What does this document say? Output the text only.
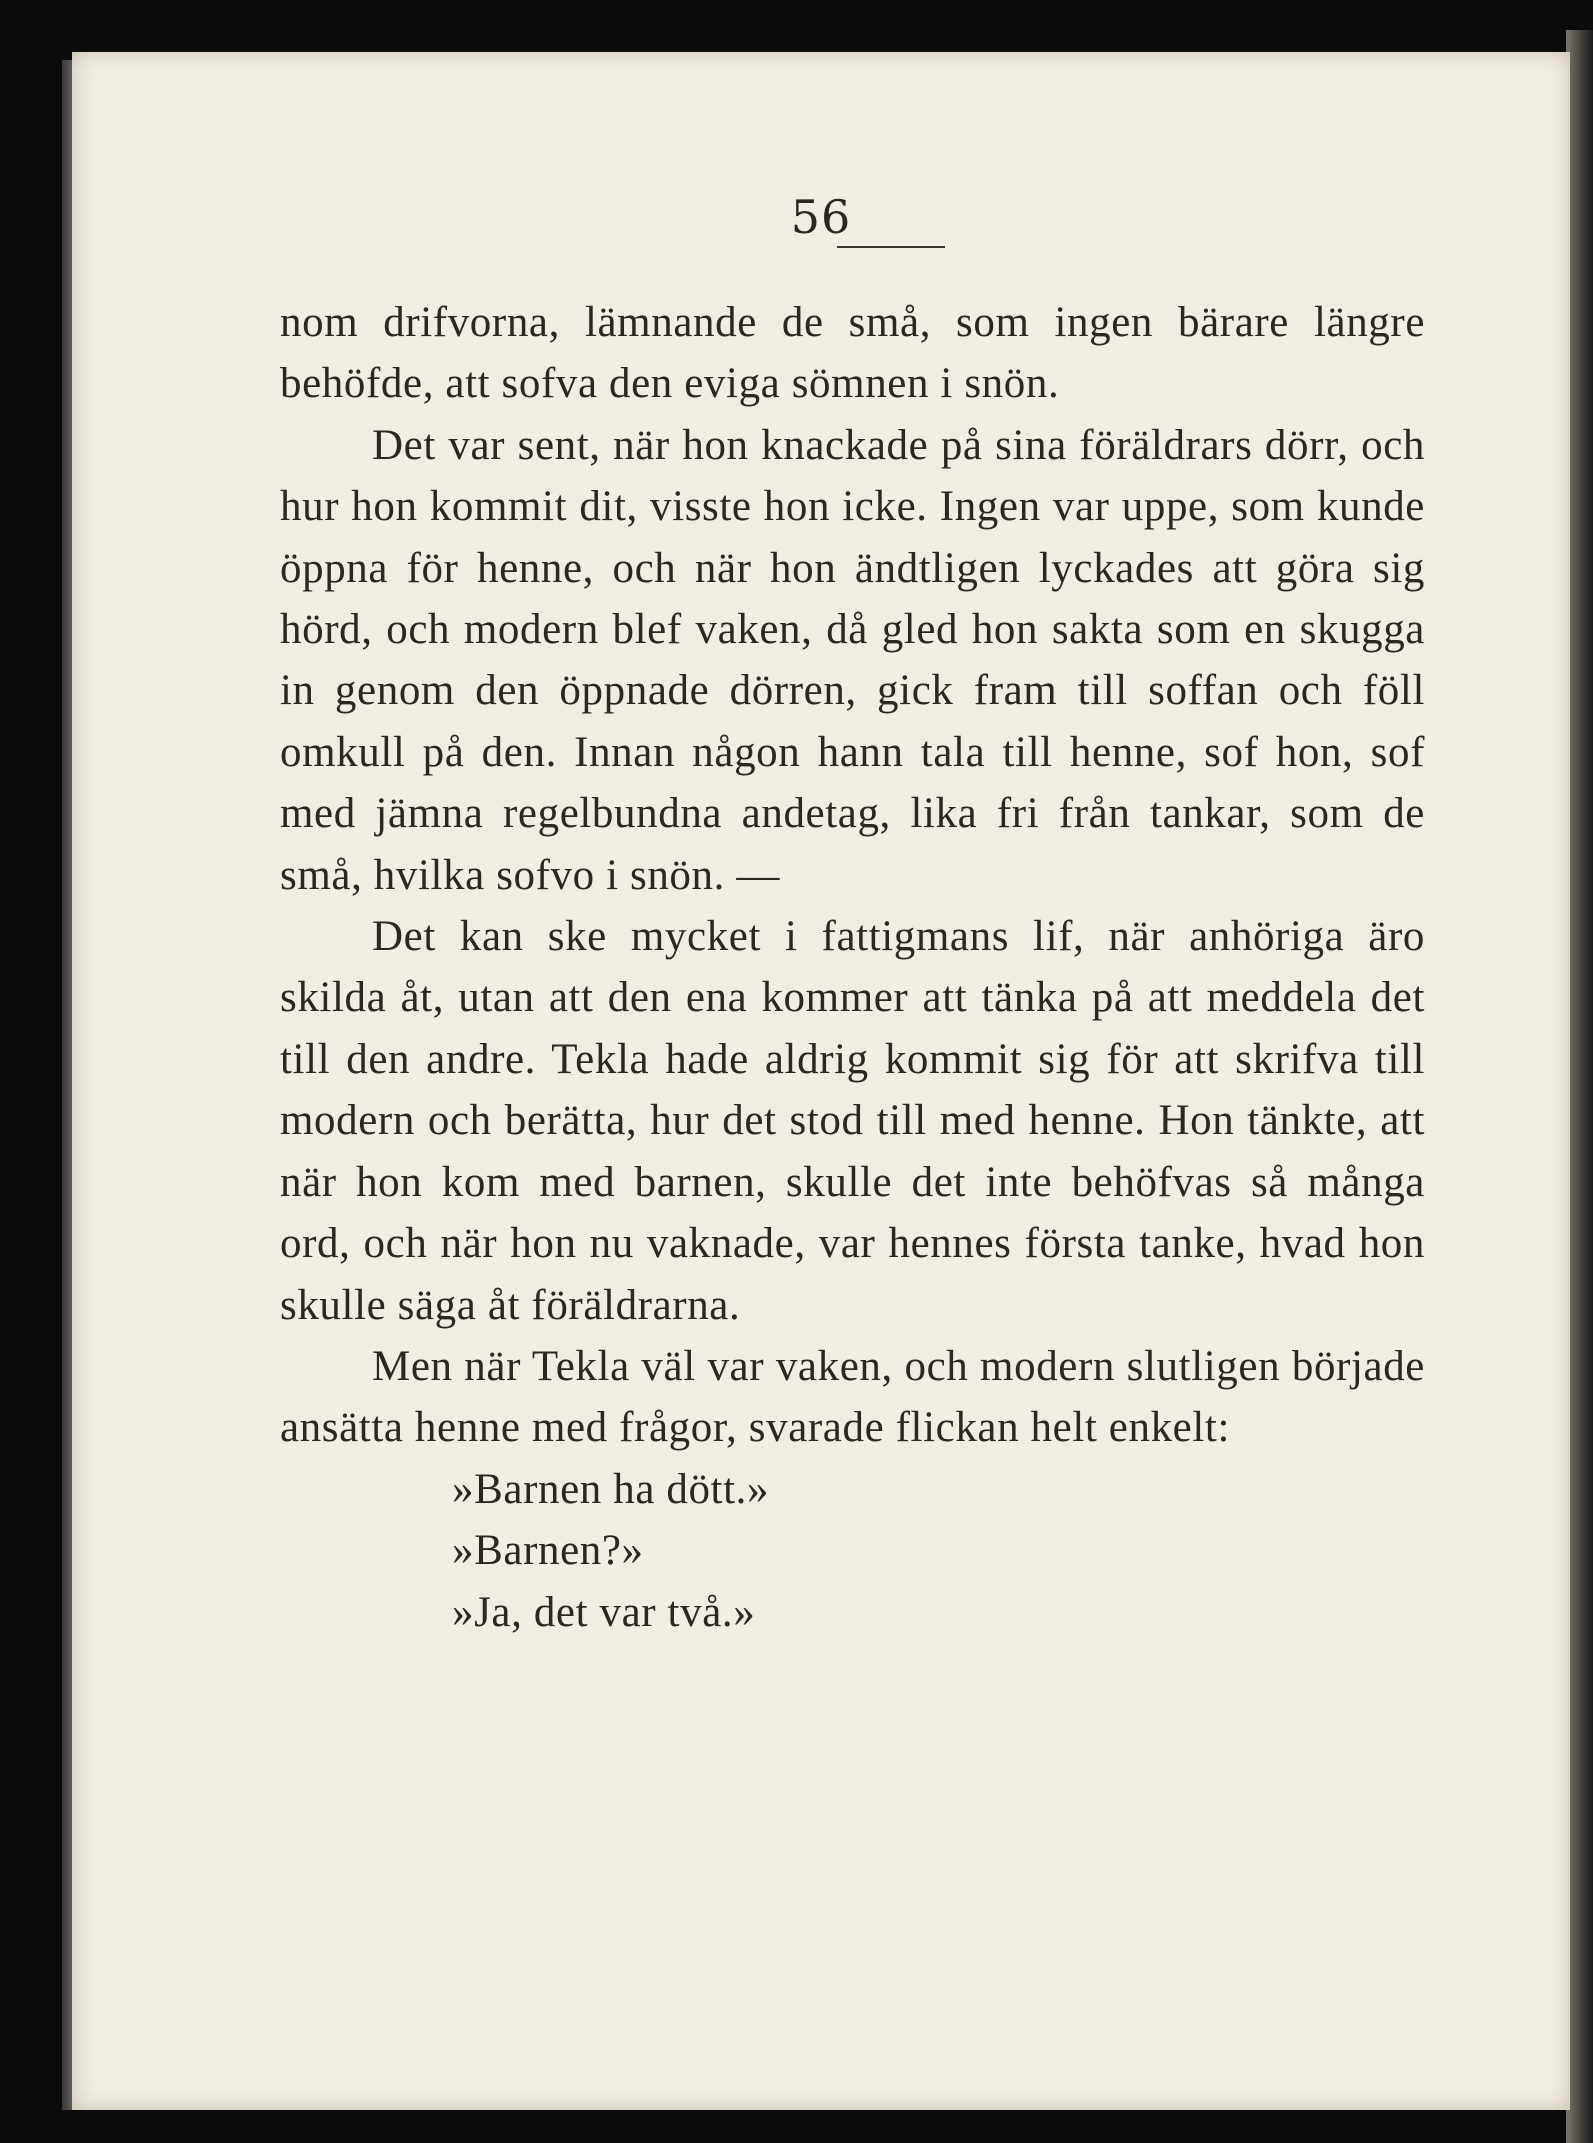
56

nom drifvorna, lämnande de små, som ingen bärare längre behöfde, att sofva den eviga sömnen i snön.

Det var sent, när hon knackade på sina föräldrars dörr, och hur hon kommit dit, visste hon icke. Ingen var uppe, som kunde öppna för henne, och när hon ändtligen lyckades att göra sig hörd, och modern blef vaken, då gled hon sakta som en skugga in genom den öppnade dörren, gick fram till soffan och föll omkull på den. Innan någon hann tala till henne, sof hon, sof med jämna regelbundna andetag, lika fri från tankar, som de små, hvilka sofvo i snön. —

Det kan ske mycket i fattigmans lif, när anhöriga äro skilda åt, utan att den ena kommer att tänka på att meddela det till den andre. Tekla hade aldrig kommit sig för att skrifva till modern och berätta, hur det stod till med henne. Hon tänkte, att när hon kom med barnen, skulle det inte behöfvas så många ord, och när hon nu vaknade, var hennes första tanke, hvad hon skulle säga åt föräldrarna.

Men när Tekla väl var vaken, och modern slutligen började ansätta henne med frågor, svarade flickan helt enkelt:

»Barnen ha dött.»

»Barnen?»

»Ja, det var två.»
